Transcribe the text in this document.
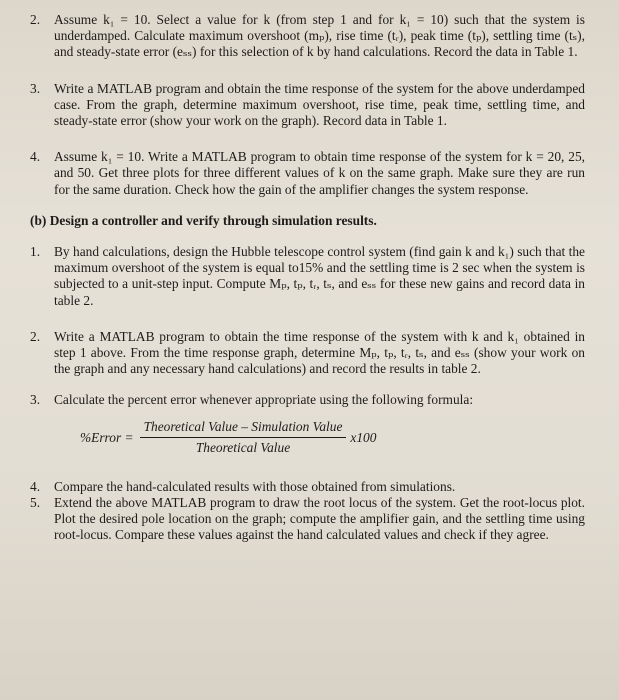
2.	Assume k₁ = 10. Select a value for k (from step 1 and for k₁ = 10) such that the system is underdamped. Calculate maximum overshoot (mₚ), rise time (tᵣ), peak time (tₚ), settling time (tₛ), and steady-state error (eₛₛ) for this selection of k by hand calculations. Record the data in Table 1.

3.	Write a MATLAB program and obtain the time response of the system for the above underdamped case. From the graph, determine maximum overshoot, rise time, peak time, settling time, and steady-state error (show your work on the graph). Record data in Table 1.

4.	Assume k₁ = 10. Write a MATLAB program to obtain time response of the system for k = 20, 25, and 50. Get three plots for three different values of k on the same graph. Make sure they are run for the same duration. Check how the gain of the amplifier changes the system response.

(b) Design a controller and verify through simulation results.

1.	By hand calculations, design the Hubble telescope control system (find gain k and k₁) such that the maximum overshoot of the system is equal to15% and the settling time is 2 sec when the system is subjected to a unit-step input. Compute Mₚ, tₚ, tᵣ, tₛ, and eₛₛ for these new gains and record data in table 2.

2.	Write a MATLAB program to obtain the time response of the system with k and k₁ obtained in step 1 above. From the time response graph, determine Mₚ, tₚ, tᵣ, tₛ, and eₛₛ (show your work on the graph and any necessary hand calculations) and record the results in table 2.

3.	Calculate the percent error whenever appropriate using the following formula:

%Error = $\frac{\text{Theoretical Value – Simulation Value}}{\text{Theoretical Value}} x100$
4.	Compare the hand-calculated results with those obtained from simulations.

5.	Extend the above MATLAB program to draw the root locus of the system. Get the root-locus plot. Plot the desired pole location on the graph; compute the amplifier gain, and the settling time using root-locus. Compare these values against the hand calculated values and check if they agree.
